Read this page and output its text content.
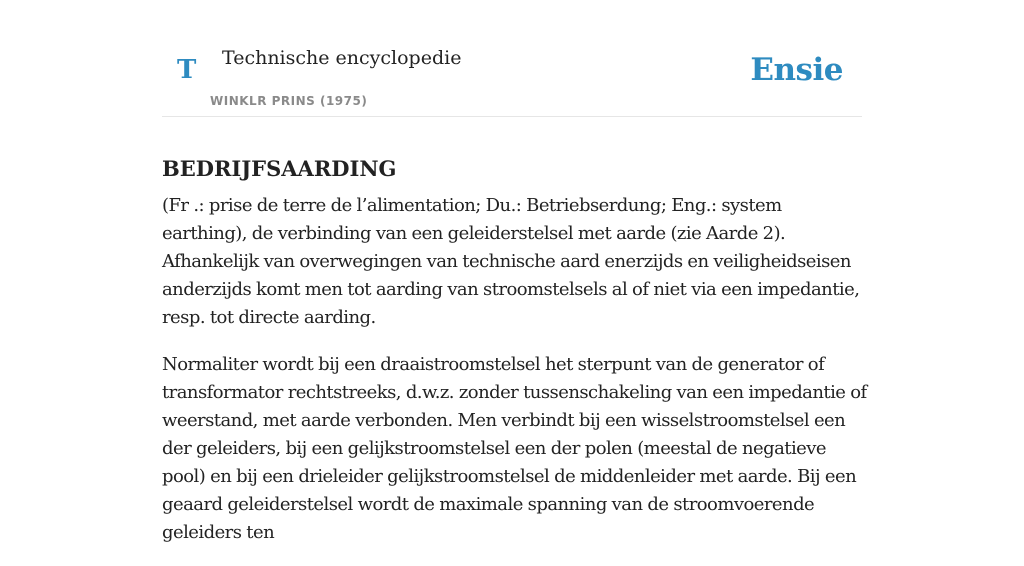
T Technische encyclopedie
WINKLR PRINS (1975)
Ensie
BEDRIJFSAARDING

(Fr .: prise de terre de l’alimentation; Du.: Betriebserdung; Eng.: system earthing), de verbinding van een geleiderstelsel met aarde (zie Aarde 2). Afhankelijk van overwegingen van technische aard enerzijds en veiligheidseisen anderzijds komt men tot aarding van stroomstelsels al of niet via een impedantie, resp. tot directe aarding.

Normaliter wordt bij een draaistroomstelsel het sterpunt van de generator of transformator rechtstreeks, d.w.z. zonder tussenschakeling van een impedantie of weerstand, met aarde verbonden. Men verbindt bij een wisselstroomstelsel een der geleiders, bij een gelijkstroomstelsel een der polen (meestal de negatieve pool) en bij een drieleider gelijkstroomstelsel de middenleider met aarde. Bij een geaard geleiderstelsel wordt de maximale spanning van de stroomvoerende geleiders ten
